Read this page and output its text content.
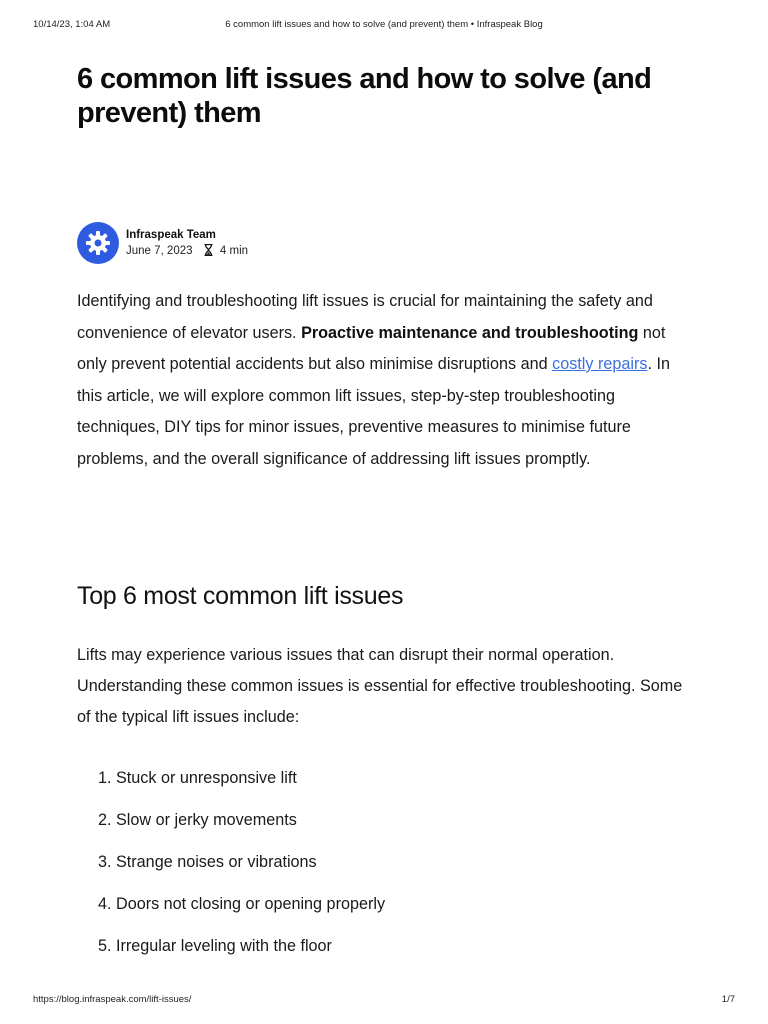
10/14/23, 1:04 AM	6 common lift issues and how to solve (and prevent) them • Infraspeak Blog
6 common lift issues and how to solve (and prevent) them
Infraspeak Team
June 7, 2023 4 min

Identifying and troubleshooting lift issues is crucial for maintaining the safety and convenience of elevator users. Proactive maintenance and troubleshooting not only prevent potential accidents but also minimise disruptions and costly repairs. In this article, we will explore common lift issues, step-by-step troubleshooting techniques, DIY tips for minor issues, preventive measures to minimise future problems, and the overall significance of addressing lift issues promptly.

Top 6 most common lift issues

Lifts may experience various issues that can disrupt their normal operation. Understanding these common issues is essential for effective troubleshooting. Some of the typical lift issues include:

1. Stuck or unresponsive lift
2. Slow or jerky movements
3. Strange noises or vibrations
4. Doors not closing or opening properly
5. Irregular leveling with the floor
https://blog.infraspeak.com/lift-issues/	1/7
